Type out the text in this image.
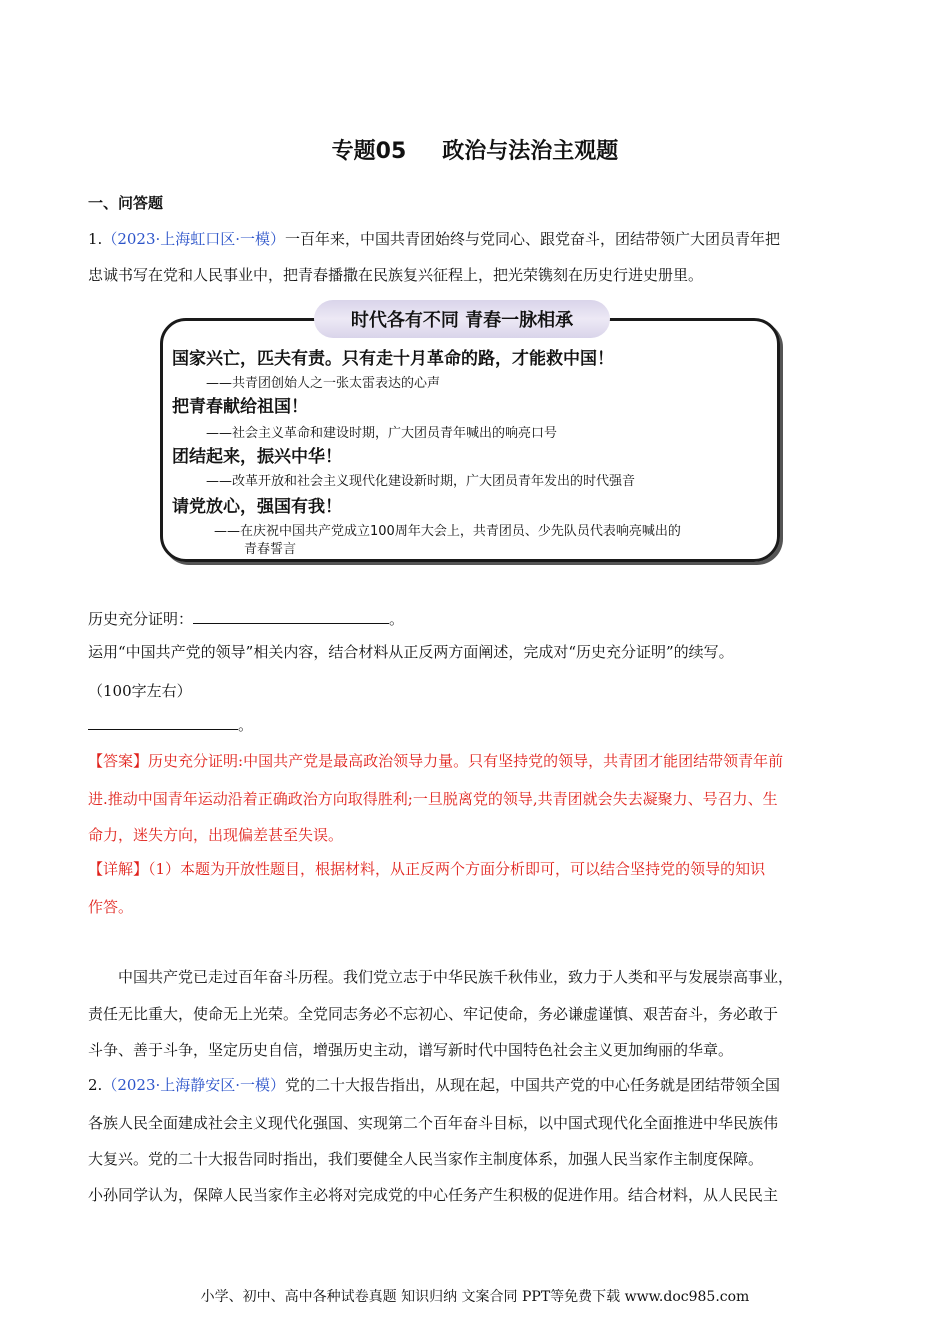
专题05 政治与法治主观题
一、问答题
1.（2023·上海虹口区·一模）一百年来，中国共青团始终与党同心、跟党奋斗，团结带领广大团员青年把
忠诚书写在党和人民事业中，把青春播撒在民族复兴征程上，把光荣镌刻在历史行进史册里。
时代各有不同 青春一脉相承
国家兴亡，匹夫有责。只有走十月革命的路，才能救中国！
——共青团创始人之一张太雷表达的心声
把青春献给祖国！
——社会主义革命和建设时期，广大团员青年喊出的响亮口号
团结起来，振兴中华！
——改革开放和社会主义现代化建设新时期，广大团员青年发出的时代强音
请党放心，强国有我！
——在庆祝中国共产党成立100周年大会上，共青团员、少先队员代表响亮喊出的
青春誓言
历史充分证明：	。
运用“中国共产党的领导”相关内容，结合材料从正反两方面阐述，完成对“历史充分证明”的续写。
（100字左右）
。
【答案】历史充分证明:中国共产党是最高政治领导力量。只有坚持党的领导，共青团才能团结带领青年前
进.推动中国青年运动沿着正确政治方向取得胜利;一旦脱离党的领导,共青团就会失去凝聚力、号召力、生
命力，迷失方向，出现偏差甚至失误。
【详解】（1）本题为开放性题目，根据材料，从正反两个方面分析即可，可以结合坚持党的领导的知识
作答。
中国共产党已走过百年奋斗历程。我们党立志于中华民族千秋伟业，致力于人类和平与发展崇高事业，
责任无比重大，使命无上光荣。全党同志务必不忘初心、牢记使命，务必谦虚谨慎、艰苦奋斗，务必敢于
斗争、善于斗争，坚定历史自信，增强历史主动，谱写新时代中国特色社会主义更加绚丽的华章。
2.（2023·上海静安区·一模）党的二十大报告指出，从现在起，中国共产党的中心任务就是团结带领全国
各族人民全面建成社会主义现代化强国、实现第二个百年奋斗目标，以中国式现代化全面推进中华民族伟
大复兴。党的二十大报告同时指出，我们要健全人民当家作主制度体系，加强人民当家作主制度保障。
小孙同学认为，保障人民当家作主必将对完成党的中心任务产生积极的促进作用。结合材料，从人民民主
小学、初中、高中各种试卷真题 知识归纳 文案合同 PPT等免费下载 www.doc985.com
